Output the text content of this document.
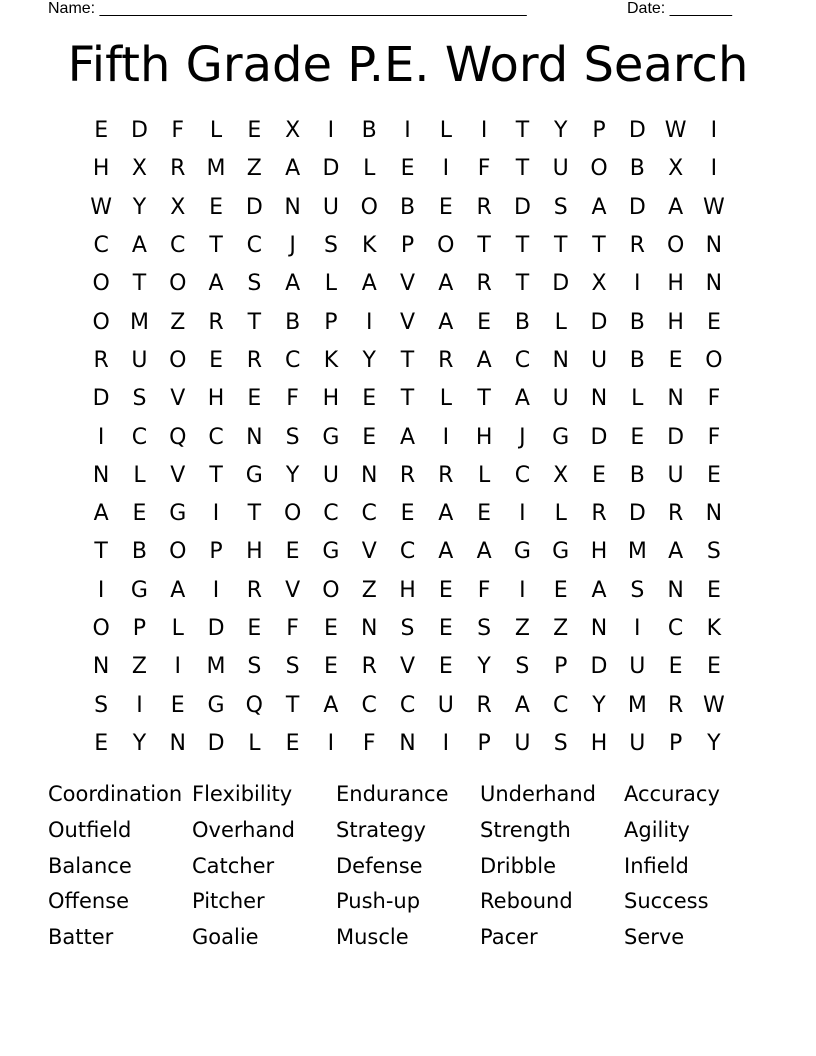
Name: ________________________________________________	Date: _______
Fifth Grade P.E. Word Search
E	D	F	L	E	X	I	B	I	L	I	T	Y	P	D W	I
H	X	R M Z	A	D	L	E	I	F	T	U O	B	X	I
W Y	X	E	D N	U O	B	E	R	D	S	A	D	A W
C	A	C	T	C	J	S	K	P	O	T	T	T	T	R O N
O	T	O	A	S	A	L	A	V	A	R	T	D	X	I	H N
O M Z	R	T	B	P	I	V	A	E	B	L	D	B	H	E
R	U O	E	R	C	K	Y	T	R	A	C	N	U	B	E	O
D	S	V	H	E	F	H	E	T	L	T	A	U	N	L	N	F
I	C Q C	N	S	G	E	A	I	H	J	G D	E	D	F
N	L	V	T	G	Y	U	N	R	R	L	C	X	E	B	U	E
A	E	G	I	T	O C	C	E	A	E	I	L	R	D	R	N
T	B	O	P	H	E	G	V	C	A	A	G G H M A	S
I	G	A	I	R	V	O	Z	H	E	F	I	E	A	S	N	E
O	P	L	D	E	F	E	N	S	E	S	Z	Z	N	I	C	K
N	Z	I	M S	S	E	R	V	E	Y	S	P	D U	E	E
S	I	E	G Q	T	A	C	C	U	R	A	C	Y	M R W
E	Y	N D	L	E	I	F	N	I	P	U	S	H U	P	Y
Coordination Flexibility	Endurance	Underhand	Accuracy
Outfield	Overhand	Strategy	Strength	Agility
Balance	Catcher	Defense	Dribble	Infield
Offense	Pitcher	Push-up	Rebound	Success
Batter	Goalie	Muscle	Pacer	Serve
